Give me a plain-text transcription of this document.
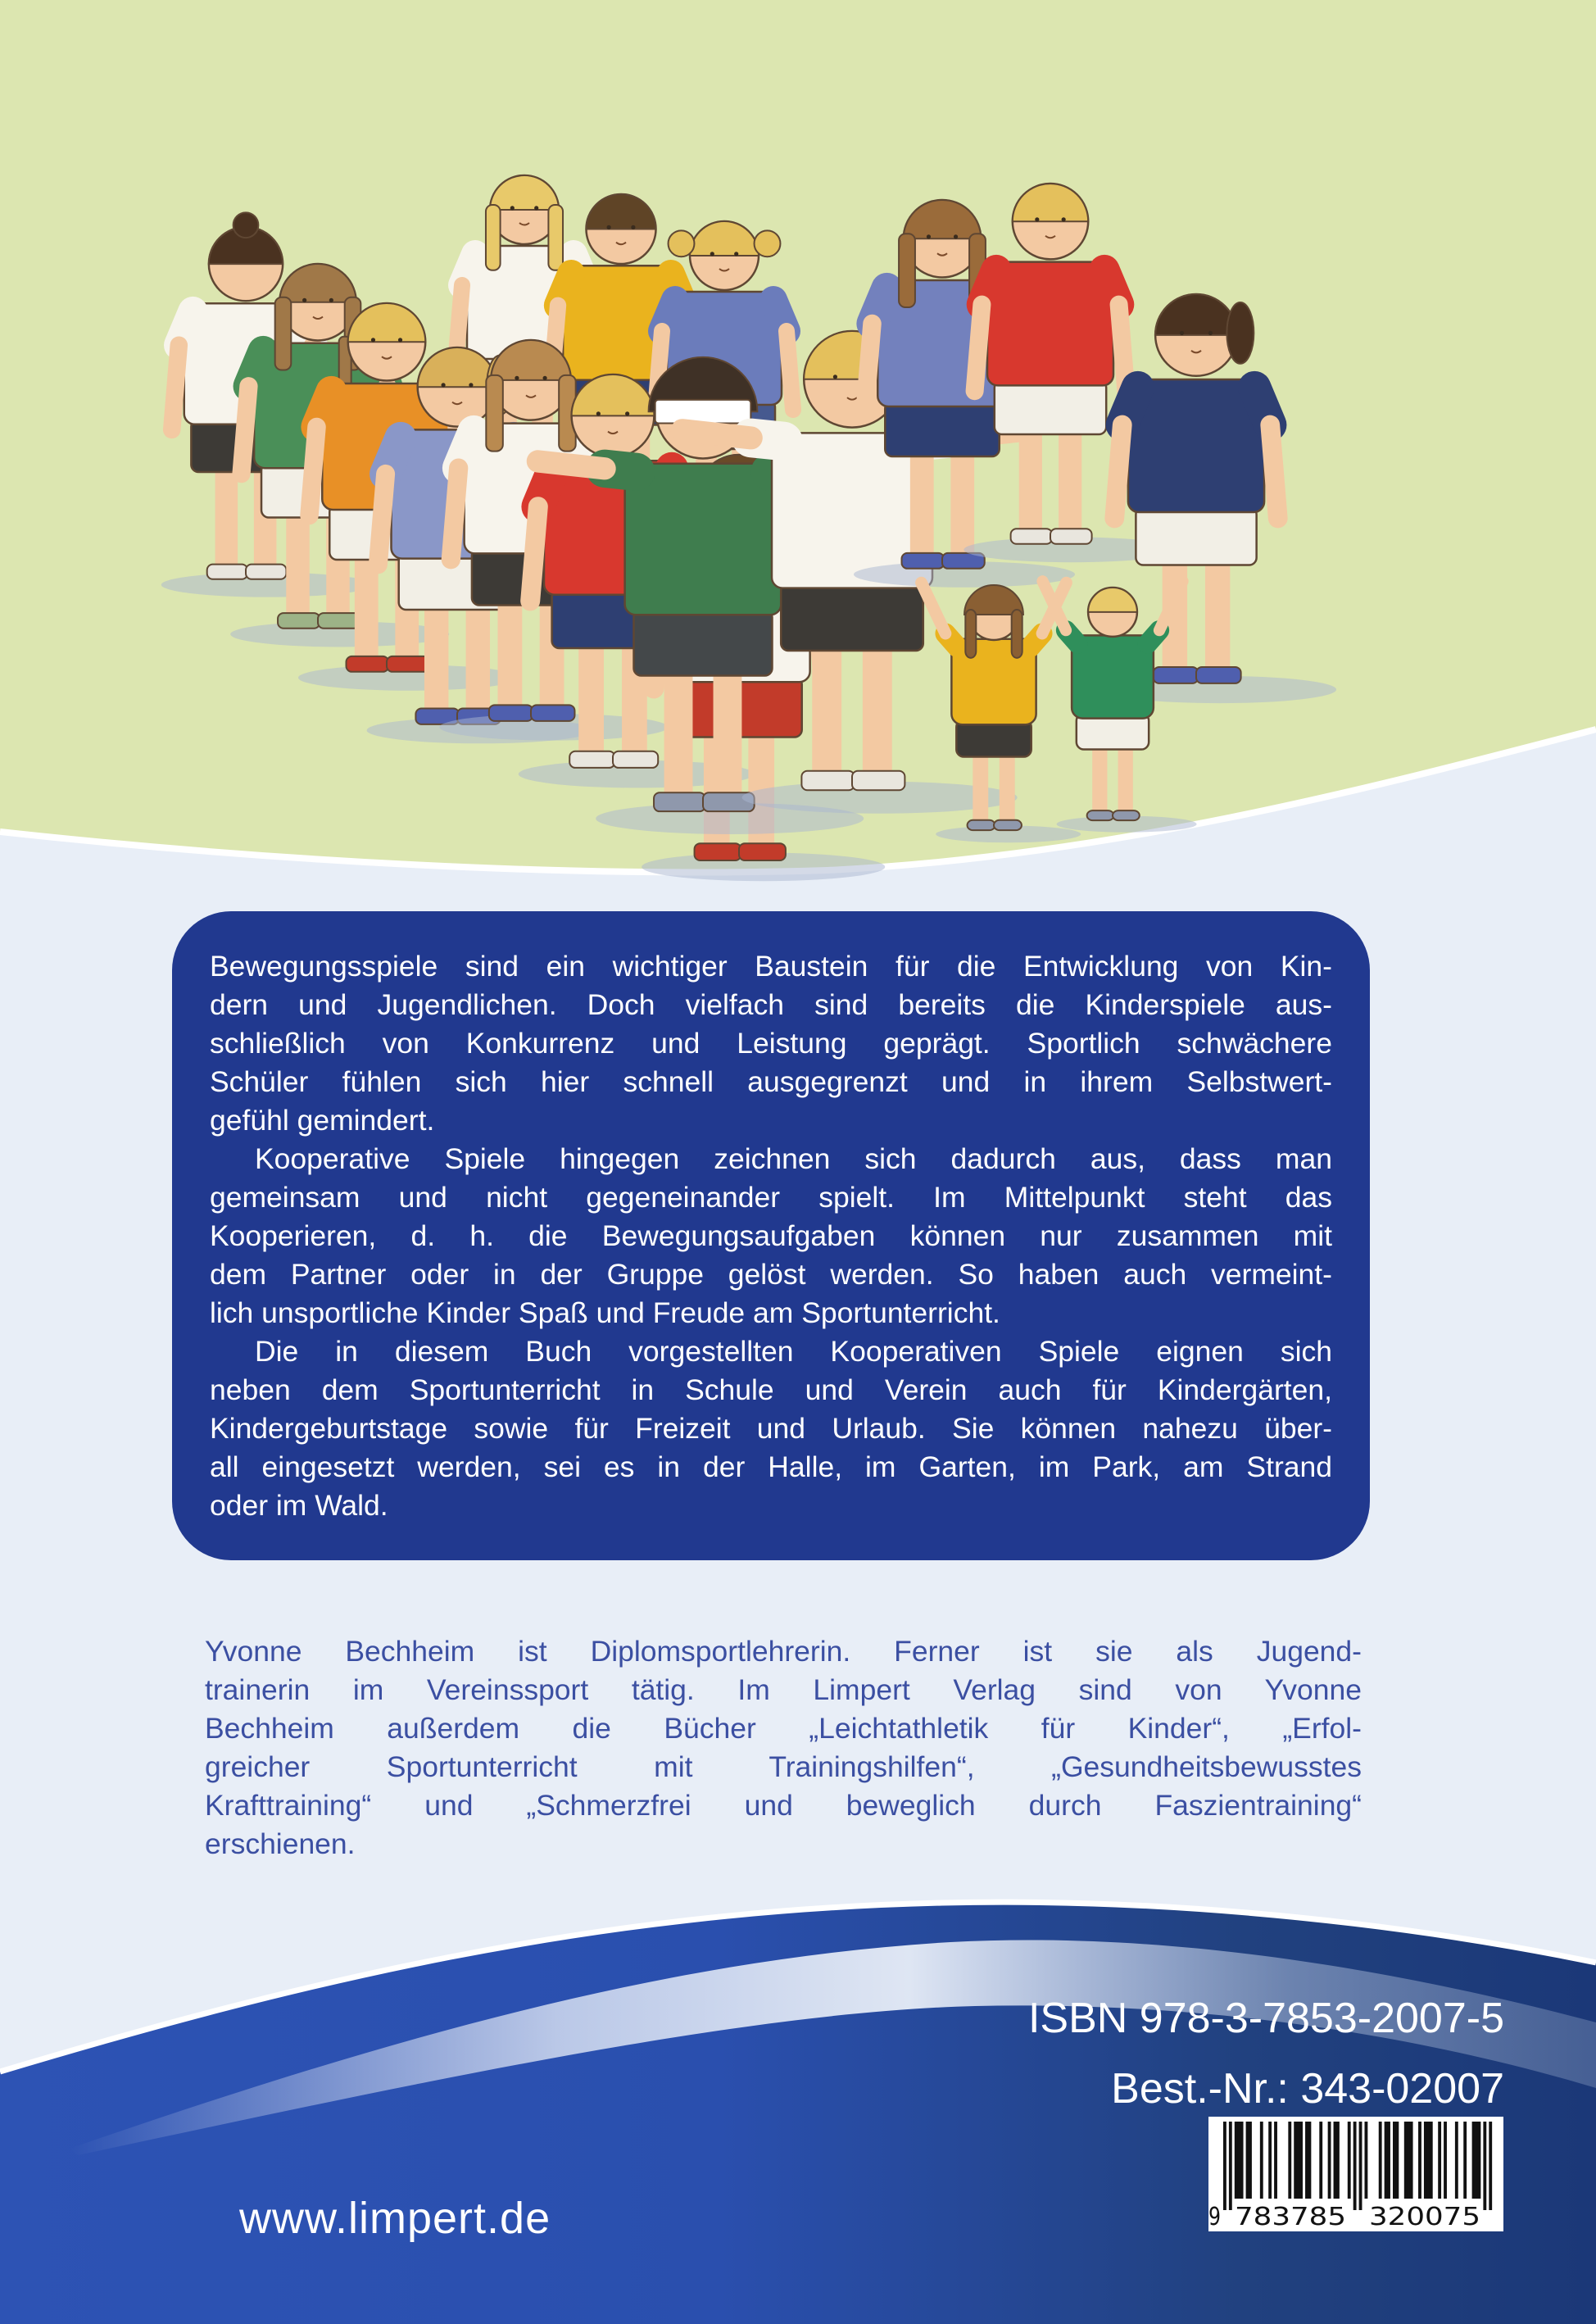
Bewegungsspiele sind ein wichtiger Baustein für die Entwicklung von Kin-
dern und Jugendlichen. Doch vielfach sind bereits die Kinderspiele aus-
schließlich von Konkurrenz und Leistung geprägt. Sportlich schwächere
Schüler fühlen sich hier schnell ausgegrenzt und in ihrem Selbstwert-
gefühl gemindert.
Kooperative Spiele hingegen zeichnen sich dadurch aus, dass man
gemeinsam und nicht gegeneinander spielt. Im Mittelpunkt steht das
Kooperieren, d. h. die Bewegungsaufgaben können nur zusammen mit
dem Partner oder in der Gruppe gelöst werden. So haben auch vermeint-
lich unsportliche Kinder Spaß und Freude am Sportunterricht.
Die in diesem Buch vorgestellten Kooperativen Spiele eignen sich
neben dem Sportunterricht in Schule und Verein auch für Kindergärten,
Kindergeburtstage sowie für Freizeit und Urlaub. Sie können nahezu über-
all eingesetzt werden, sei es in der Halle, im Garten, im Park, am Strand
oder im Wald.
Yvonne Bechheim ist Diplomsportlehrerin. Ferner ist sie als Jugend-
trainerin im Vereinssport tätig. Im Limpert Verlag sind von Yvonne
Bechheim außerdem die Bücher „Leichtathletik für Kinder“, „Erfol-
greicher Sportunterricht mit Trainingshilfen“, „Gesundheitsbewusstes
Krafttraining“ und „Schmerzfrei und beweglich durch Faszientraining“
erschienen.
ISBN 978-3-7853-2007-5
Best.-Nr.: 343-02007
www.limpert.de	9 783785 320075
